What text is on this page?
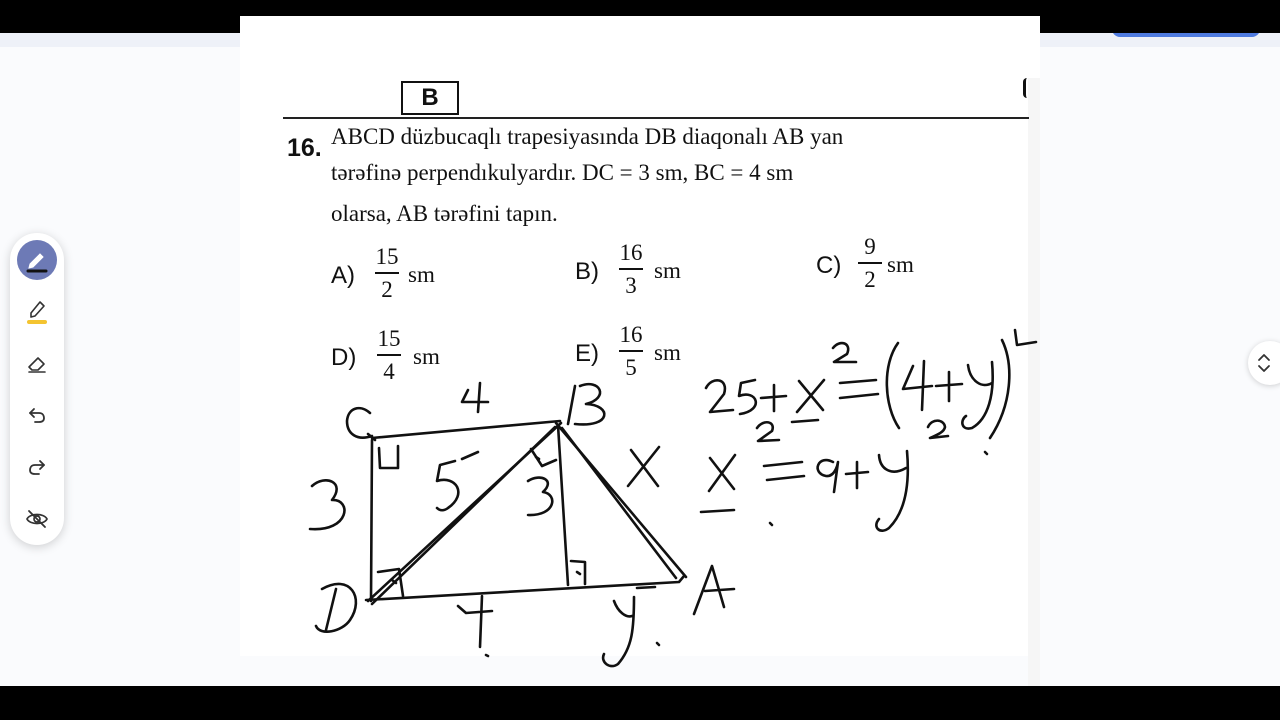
B
16. ABCD düzbucaqlı trapesiyasında DB diaqonalı AB yan
tərəfinə perpendıkulyardır. DC = 3 sm, BC = 4 sm
olarsa, AB tərəfini tapın.
A)
15
2
sm	B)
16
3
sm	C)
9
2
sm
D)
15
4
sm	E)
16
5
sm
